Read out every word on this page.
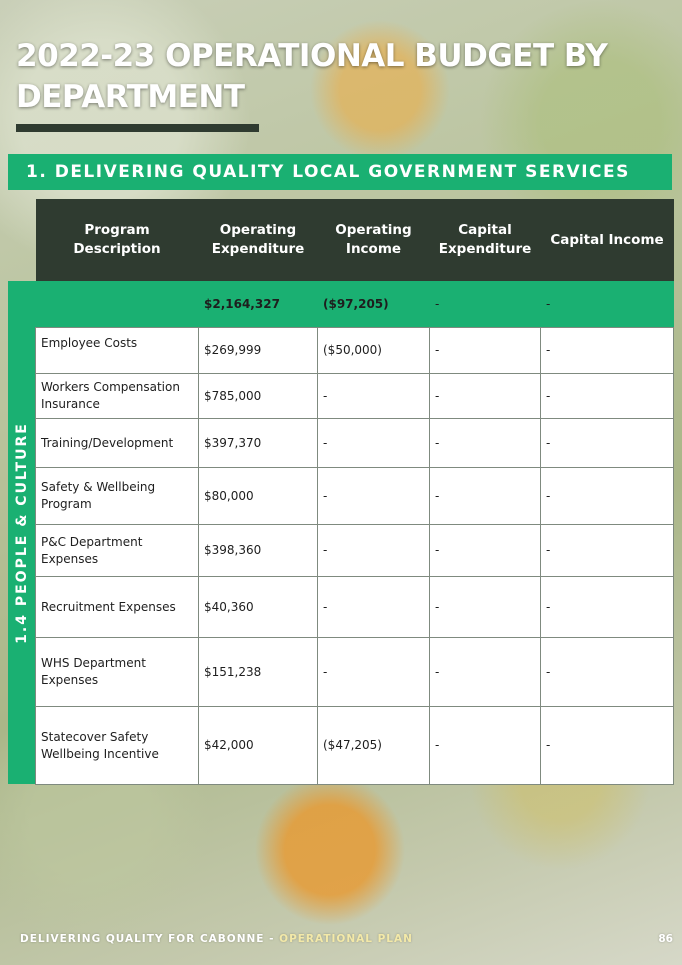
2022-23 OPERATIONAL BUDGET BY DEPARTMENT
1. DELIVERING QUALITY LOCAL GOVERNMENT SERVICES
1.4 PEOPLE & CULTURE
Program Description	Operating Expenditure	Operating Income	Capital Expenditure	Capital Income
	$2,164,327	($97,205)	-	-
Employee Costs	$269,999	($50,000)	-	-
Workers Compensation Insurance	$785,000	-	-	-
Training/Development	$397,370	-	-	-
Safety & Wellbeing Program	$80,000	-	-	-
P&C Department Expenses	$398,360	-	-	-
Recruitment Expenses	$40,360	-	-	-
WHS Department Expenses	$151,238	-	-	-
Statecover Safety Wellbeing Incentive	$42,000	($47,205)	-	-
DELIVERING QUALITY FOR CABONNE - OPERATIONAL PLAN	86
